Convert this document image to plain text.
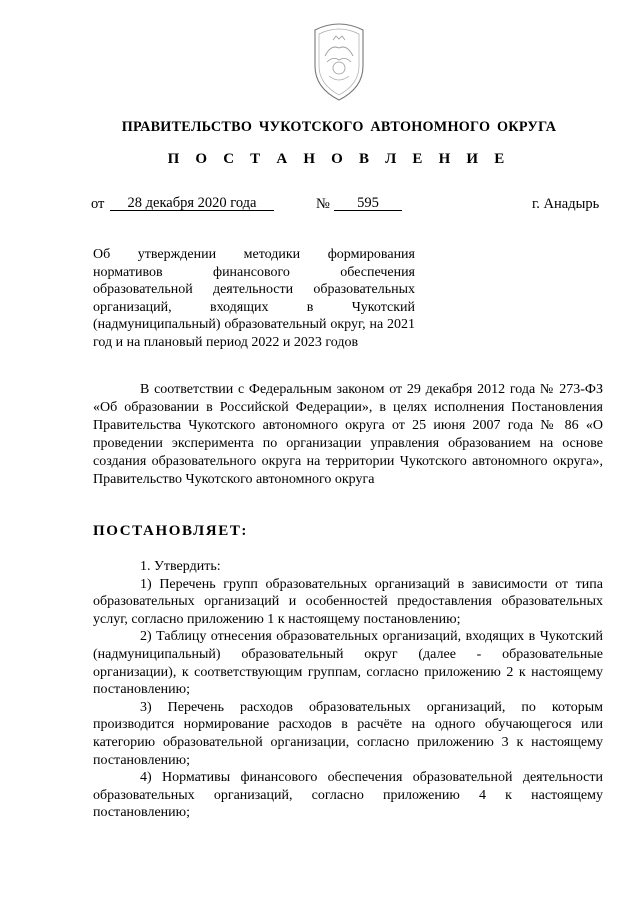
ПРАВИТЕЛЬСТВО ЧУКОТСКОГО АВТОНОМНОГО ОКРУГА
П О С Т А Н О В Л Е Н И Е
от	28 декабря 2020 года	№	595	г. Анадырь
Об утверждении методики формирования нормативов финансового обеспечения образовательной деятельности образовательных организаций, входящих в Чукотский (надмуниципальный) образовательный округ, на 2021 год и на плановый период 2022 и 2023 годов
В соответствии с Федеральным законом от 29 декабря 2012 года № 273-ФЗ «Об образовании в Российской Федерации», в целях исполнения Постановления Правительства Чукотского автономного округа от 25 июня 2007 года № 86 «О проведении эксперимента по организации управления образованием на основе создания образовательного округа на территории Чукотского автономного округа», Правительство Чукотского автономного округа
ПОСТАНОВЛЯЕТ:

1. Утвердить:

1) Перечень групп образовательных организаций в зависимости от типа образовательных организаций и особенностей предоставления образовательных услуг, согласно приложению 1 к настоящему постановлению;

2) Таблицу отнесения образовательных организаций, входящих в Чукотский (надмуниципальный) образовательный округ (далее - образовательные организации), к соответствующим группам, согласно приложению 2 к настоящему постановлению;

3) Перечень расходов образовательных организаций, по которым производится нормирование расходов в расчёте на одного обучающегося или категорию образовательной организации, согласно приложению 3 к настоящему постановлению;

4) Нормативы финансового обеспечения образовательной деятельности образовательных организаций, согласно приложению 4 к настоящему постановлению;
